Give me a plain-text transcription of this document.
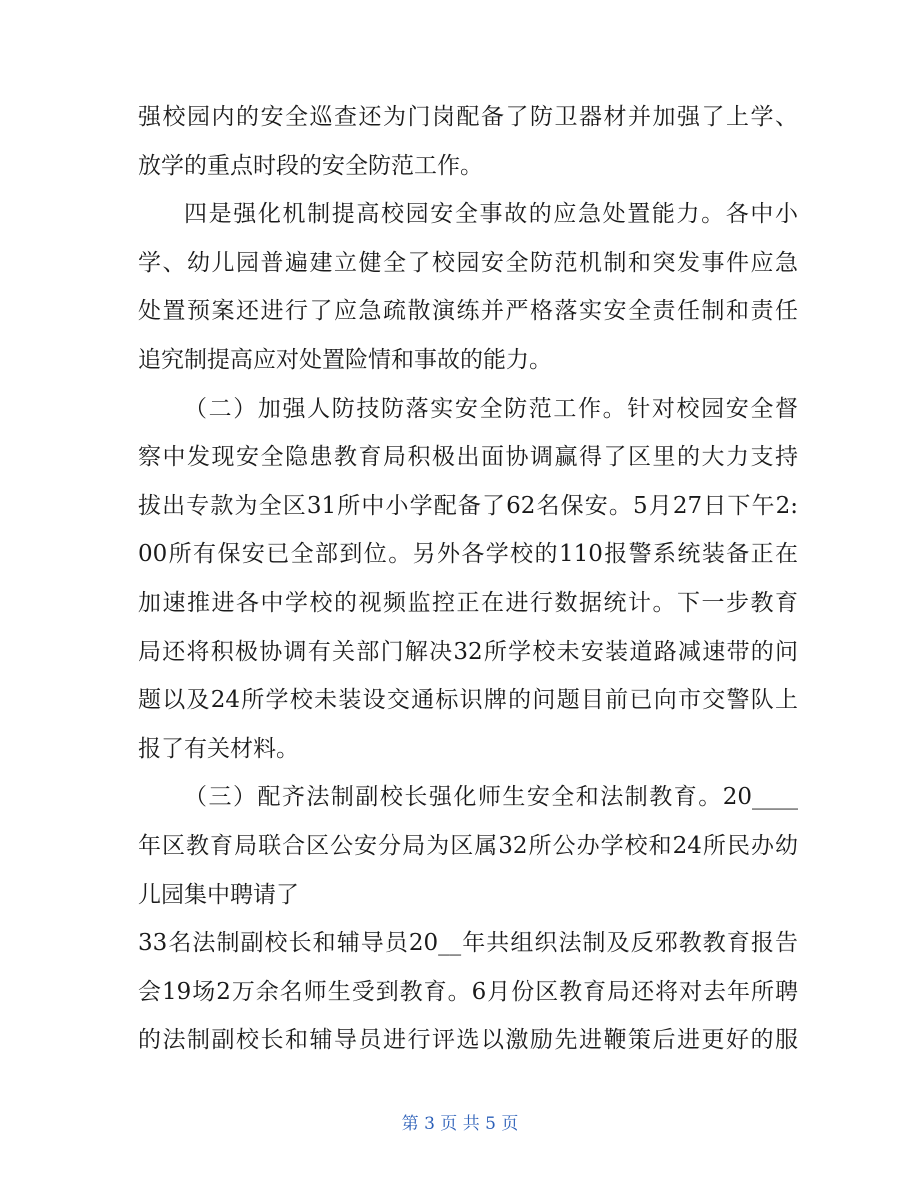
强校园内的安全巡查还为门岗配备了防卫器材并加强了上学、
放学的重点时段的安全防范工作。
四是强化机制提高校园安全事故的应急处置能力。各中小
学、幼儿园普遍建立健全了校园安全防范机制和突发事件应急
处置预案还进行了应急疏散演练并严格落实安全责任制和责任
追究制提高应对处置险情和事故的能力。
（二）加强人防技防落实安全防范工作。针对校园安全督
察中发现安全隐患教育局积极出面协调赢得了区里的大力支持
拔出专款为全区31所中小学配备了62名保安。5月27日下午2:
00所有保安已全部到位。另外各学校的110报警系统装备正在
加速推进各中学校的视频监控正在进行数据统计。下一步教育
局还将积极协调有关部门解决32所学校未安装道路减速带的问
题以及24所学校未装设交通标识牌的问题目前已向市交警队上
报了有关材料。
（三）配齐法制副校长强化师生安全和法制教育。20____
年区教育局联合区公安分局为区属32所公办学校和24所民办幼
儿园集中聘请了
33名法制副校长和辅导员20__年共组织法制及反邪教教育报告
会19场2万余名师生受到教育。6月份区教育局还将对去年所聘
的法制副校长和辅导员进行评选以激励先进鞭策后进更好的服
第 3 页 共 5 页
